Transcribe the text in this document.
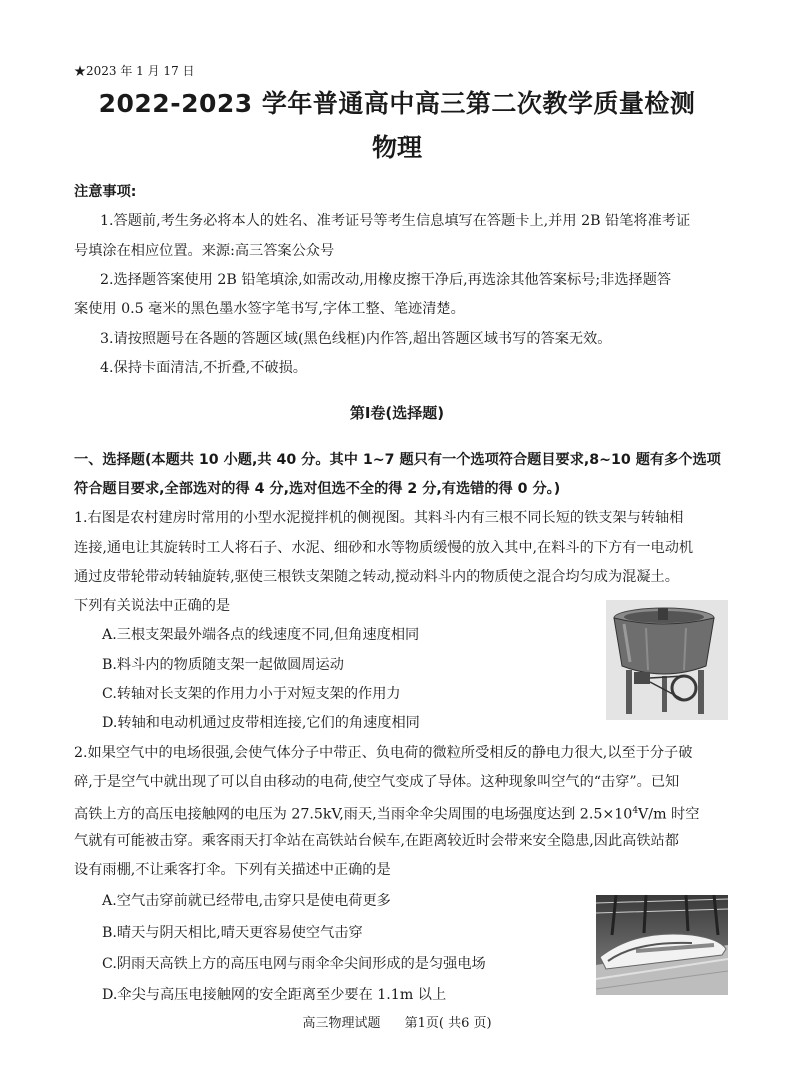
★2023 年 1 月 17 日
2022-2023 学年普通高中高三第二次教学质量检测
物理
注意事项:
1.答题前,考生务必将本人的姓名、准考证号等考生信息填写在答题卡上,并用 2B 铅笔将准考证
号填涂在相应位置。来源:高三答案公众号
2.选择题答案使用 2B 铅笔填涂,如需改动,用橡皮擦干净后,再选涂其他答案标号;非选择题答
案使用 0.5 毫米的黑色墨水签字笔书写,字体工整、笔迹清楚。
3.请按照题号在各题的答题区域(黑色线框)内作答,超出答题区域书写的答案无效。
4.保持卡面清洁,不折叠,不破损。
第Ⅰ卷(选择题)
一、选择题(本题共 10 小题,共 40 分。其中 1~7 题只有一个选项符合题目要求,8~10 题有多个选项
符合题目要求,全部选对的得 4 分,选对但选不全的得 2 分,有选错的得 0 分。)
1.右图是农村建房时常用的小型水泥搅拌机的侧视图。其料斗内有三根不同长短的铁支架与转轴相
连接,通电让其旋转时工人将石子、水泥、细砂和水等物质缓慢的放入其中,在料斗的下方有一电动机
通过皮带轮带动转轴旋转,驱使三根铁支架随之转动,搅动料斗内的物质使之混合均匀成为混凝土。
下列有关说法中正确的是
A.三根支架最外端各点的线速度不同,但角速度相同
B.料斗内的物质随支架一起做圆周运动
C.转轴对长支架的作用力小于对短支架的作用力
D.转轴和电动机通过皮带相连接,它们的角速度相同
2.如果空气中的电场很强,会使气体分子中带正、负电荷的微粒所受相反的静电力很大,以至于分子破
碎,于是空气中就出现了可以自由移动的电荷,使空气变成了导体。这种现象叫空气的“击穿”。已知
高铁上方的高压电接触网的电压为 27.5kV,雨天,当雨伞伞尖周围的电场强度达到 $2.5\times 10^4V/m$ 时空
气就有可能被击穿。乘客雨天打伞站在高铁站台候车,在距离较近时会带来安全隐患,因此高铁站都
设有雨棚,不让乘客打伞。下列有关描述中正确的是
A.空气击穿前就已经带电,击穿只是使电荷更多
B.晴天与阴天相比,晴天更容易使空气击穿
C.阴雨天高铁上方的高压电网与雨伞伞尖间形成的是匀强电场
D.伞尖与高压电接触网的安全距离至少要在 1.1m 以上
高三物理试题 第1页( 共6 页)
